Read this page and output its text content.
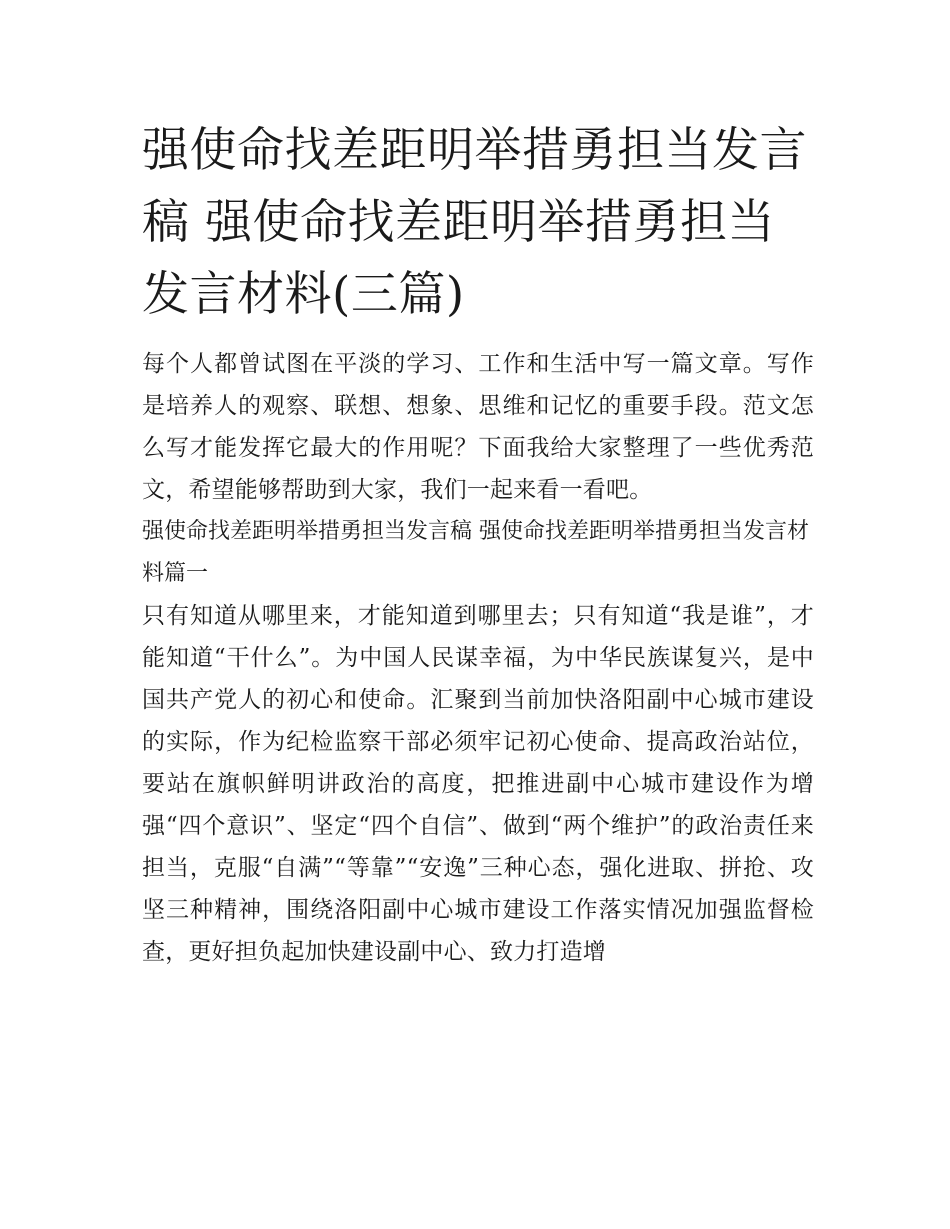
强使命找差距明举措勇担当发言稿 强使命找差距明举措勇担当发言材料(三篇)

每个人都曾试图在平淡的学习、工作和生活中写一篇文章。写作是培养人的观察、联想、想象、思维和记忆的重要手段。范文怎么写才能发挥它最大的作用呢？下面我给大家整理了一些优秀范文，希望能够帮助到大家，我们一起来看一看吧。

强使命找差距明举措勇担当发言稿 强使命找差距明举措勇担当发言材料篇一

只有知道从哪里来，才能知道到哪里去；只有知道“我是谁”，才能知道“干什么”。为中国人民谋幸福，为中华民族谋复兴，是中国共产党人的初心和使命。汇聚到当前加快洛阳副中心城市建设的实际，作为纪检监察干部必须牢记初心使命、提高政治站位，要站在旗帜鲜明讲政治的高度，把推进副中心城市建设作为增强“四个意识”、坚定“四个自信”、做到“两个维护”的政治责任来担当，克服“自满”“等靠”“安逸”三种心态，强化进取、拼抢、攻坚三种精神，围绕洛阳副中心城市建设工作落实情况加强监督检查，更好担负起加快建设副中心、致力打造增
